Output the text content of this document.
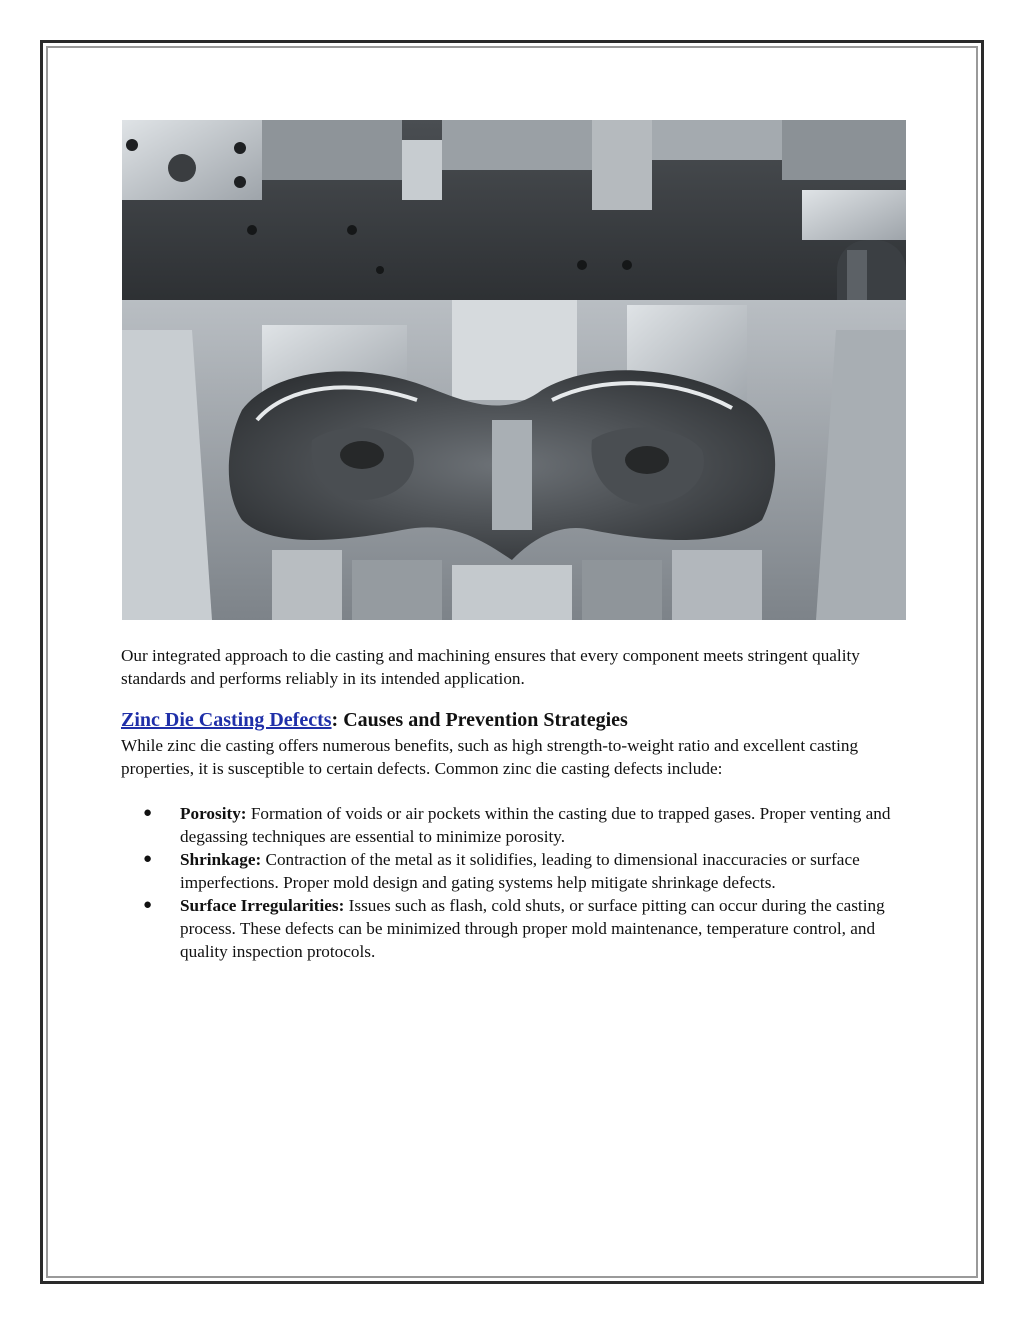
Our integrated approach to die casting and machining ensures that every component meets stringent quality standards and performs reliably in its intended application.

Zinc Die Casting Defects: Causes and Prevention Strategies

While zinc die casting offers numerous benefits, such as high strength-to-weight ratio and excellent casting properties, it is susceptible to certain defects. Common zinc die casting defects include:

● Porosity: Formation of voids or air pockets within the casting due to trapped gases. Proper venting and degassing techniques are essential to minimize porosity.
● Shrinkage: Contraction of the metal as it solidifies, leading to dimensional inaccuracies or surface imperfections. Proper mold design and gating systems help mitigate shrinkage defects.
● Surface Irregularities: Issues such as flash, cold shuts, or surface pitting can occur during the casting process. These defects can be minimized through proper mold maintenance, temperature control, and quality inspection protocols.
